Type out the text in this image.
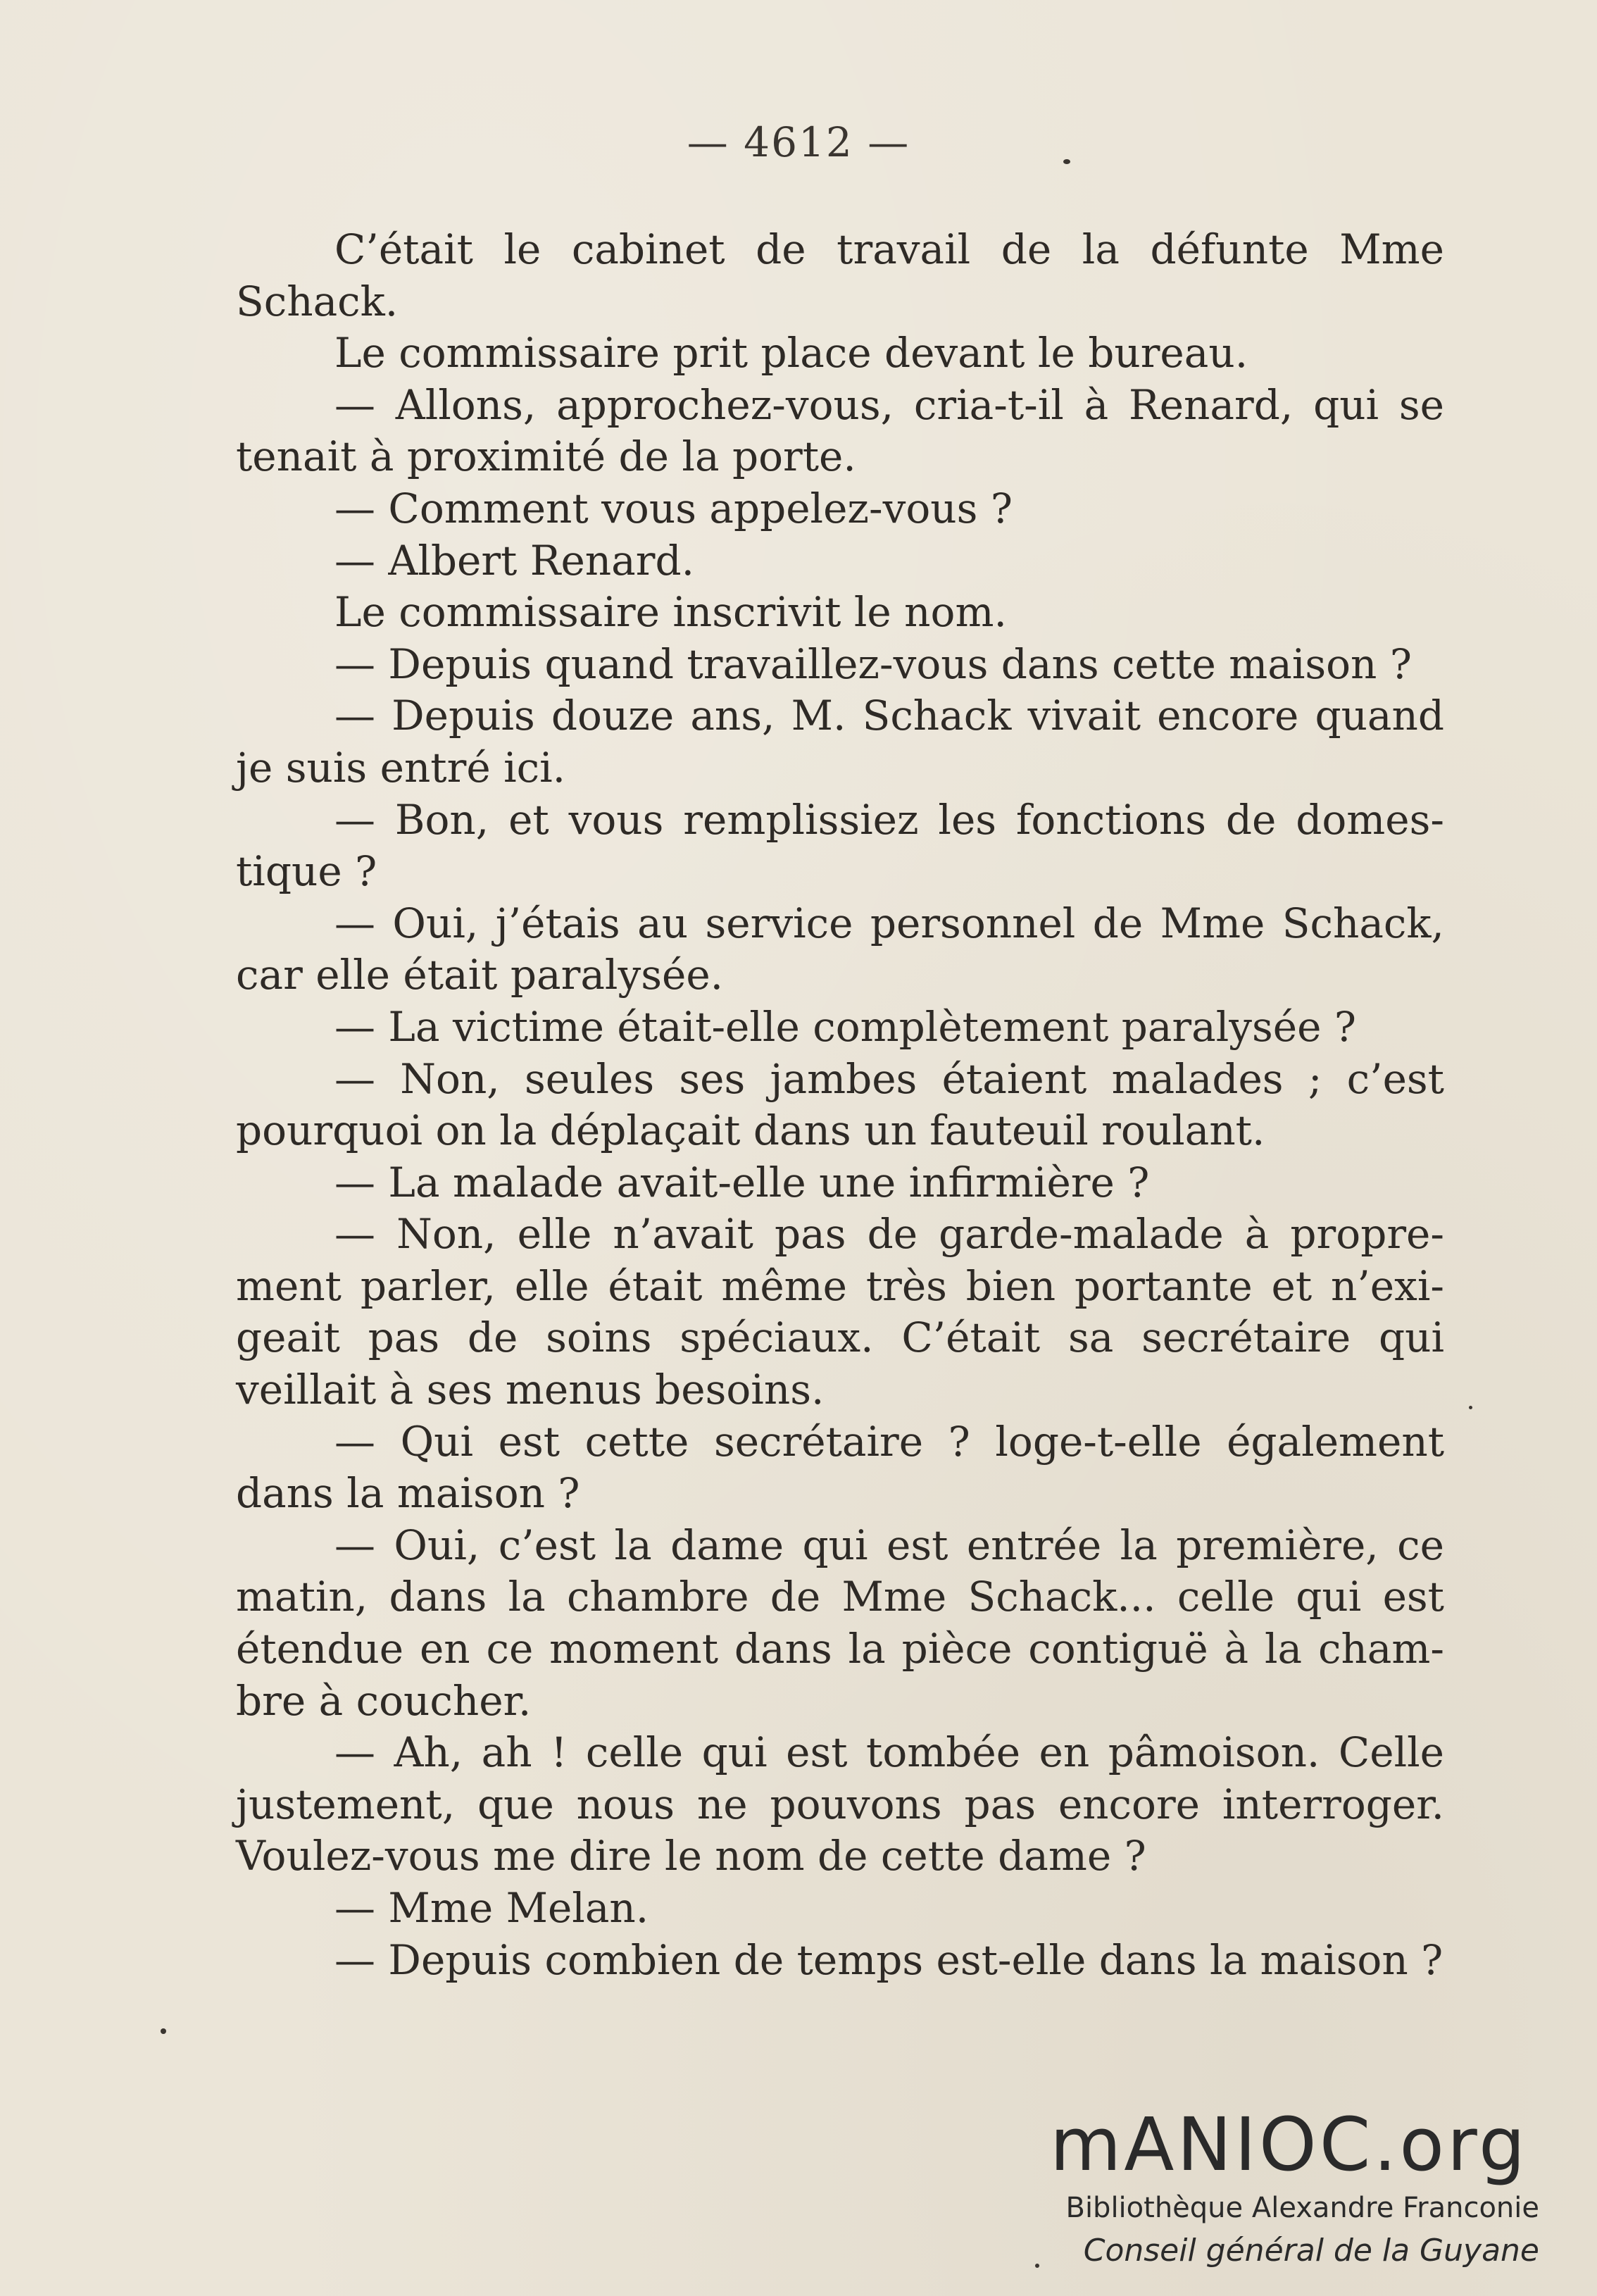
— 4612 —

C’était le cabinet de travail de la défunte Mme Schack.

Le commissaire prit place devant le bureau.

— Allons, approchez-vous, cria-t-il à Renard, qui se tenait à proximité de la porte.

— Comment vous appelez-vous ?

— Albert Renard.

Le commissaire inscrivit le nom.

— Depuis quand travaillez-vous dans cette maison ?

— Depuis douze ans, M. Schack vivait encore quand je suis entré ici.

— Bon, et vous remplissiez les fonctions de domestique ?

— Oui, j’étais au service personnel de Mme Schack, car elle était paralysée.

— La victime était-elle complètement paralysée ?

— Non, seules ses jambes étaient malades ; c’est pourquoi on la déplaçait dans un fauteuil roulant.

— La malade avait-elle une infirmière ?

— Non, elle n’avait pas de garde-malade à proprement parler, elle était même très bien portante et n’exigeait pas de soins spéciaux. C’était sa secrétaire qui veillait à ses menus besoins.

— Qui est cette secrétaire ? loge-t-elle également dans la maison ?

— Oui, c’est la dame qui est entrée la première, ce matin, dans la chambre de Mme Schack... celle qui est étendue en ce moment dans la pièce contiguë à la chambre à coucher.

— Ah, ah ! celle qui est tombée en pâmoison. Celle justement, que nous ne pouvons pas encore interroger. Voulez-vous me dire le nom de cette dame ?

— Mme Melan.

— Depuis combien de temps est-elle dans la maison ?

mANIOC.org
Bibliothèque Alexandre Franconie
Conseil général de la Guyane
